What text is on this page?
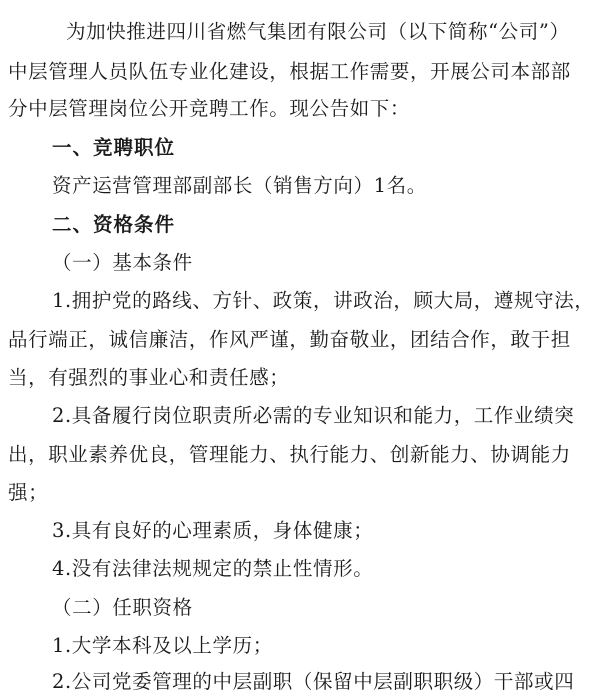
为加快推进四川省燃气集团有限公司（以下简称“公司”）
中层管理人员队伍专业化建设，根据工作需要，开展公司本部部
分中层管理岗位公开竞聘工作。现公告如下：
一、竞聘职位
资产运营管理部副部长（销售方向）1名。
二、资格条件
（一）基本条件
1.拥护党的路线、方针、政策，讲政治，顾大局，遵规守法，
品行端正，诚信廉洁，作风严谨，勤奋敬业，团结合作，敢于担
当，有强烈的事业心和责任感；
2.具备履行岗位职责所必需的专业知识和能力，工作业绩突
出，职业素养优良，管理能力、执行能力、创新能力、协调能力
强；
3.具有良好的心理素质，身体健康；
4.没有法律法规规定的禁止性情形。
（二）任职资格
1.大学本科及以上学历；
2.公司党委管理的中层副职（保留中层副职职级）干部或四
